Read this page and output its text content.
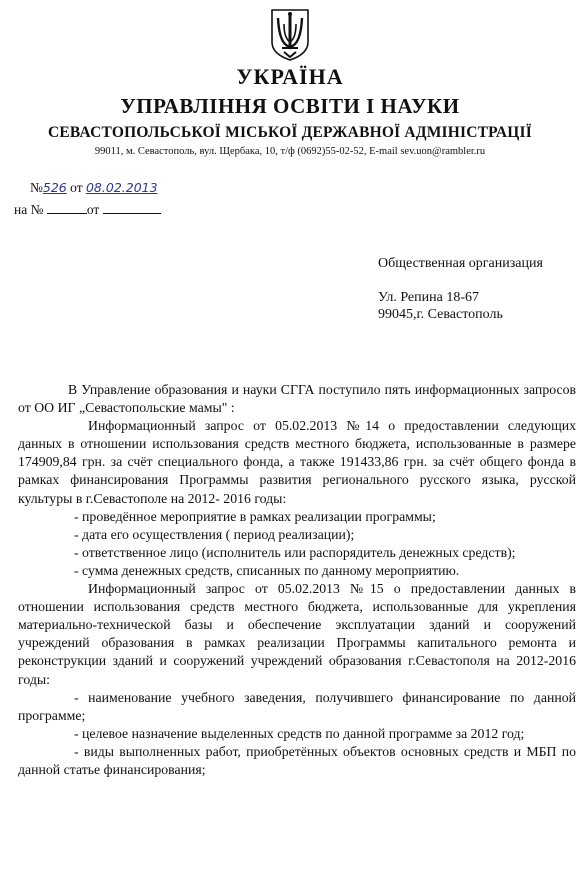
УКРАЇНА
УПРАВЛІННЯ ОСВІТИ І НАУКИ
СЕВАСТОПОЛЬСЬКОЇ МІСЬКОЇ ДЕРЖАВНОЇ АДМІНІСТРАЦІЇ
99011, м. Севастополь, вул. Щербака, 10, т/ф (0692)55-02-52, E-mail sev.uon@rambler.ru
№526 от 08.02.2013
на №	от
Общественная организация
Ул. Репина 18-67
99045,г. Севастополь

В Управление образования и науки СГГА поступило пять информационных запросов от ОО ИГ „Севастопольские мамы" :

Информационный запрос от 05.02.2013 №14 о предоставлении следующих данных в отношении использования средств местного бюджета, использованные в размере 174909,84 грн. за счёт специального фонда, а также 191433,86 грн. за счёт общего фонда в рамках финансирования Программы развития регионального русского языка, русской культуры в г.Севастополе на 2012- 2016 годы:

- проведённое мероприятие в рамках реализации программы;

- дата его осуществления ( период реализации);

- ответственное лицо (исполнитель или распорядитель денежных средств);

- сумма денежных средств, списанных по данному мероприятию.

Информационный запрос от 05.02.2013 №15 о предоставлении данных в отношении использования средств местного бюджета, использованные для укрепления материально-технической базы и обеспечение эксплуатации зданий и сооружений учреждений образования в рамках реализации Программы капитального ремонта и реконструкции зданий и сооружений учреждений образования г.Севастополя на 2012-2016 годы:

- наименование учебного заведения, получившего финансирование по данной программе;

- целевое назначение выделенных средств по данной программе за 2012 год;

- виды выполненных работ, приобретённых объектов основных средств и МБП по данной статье финансирования;
